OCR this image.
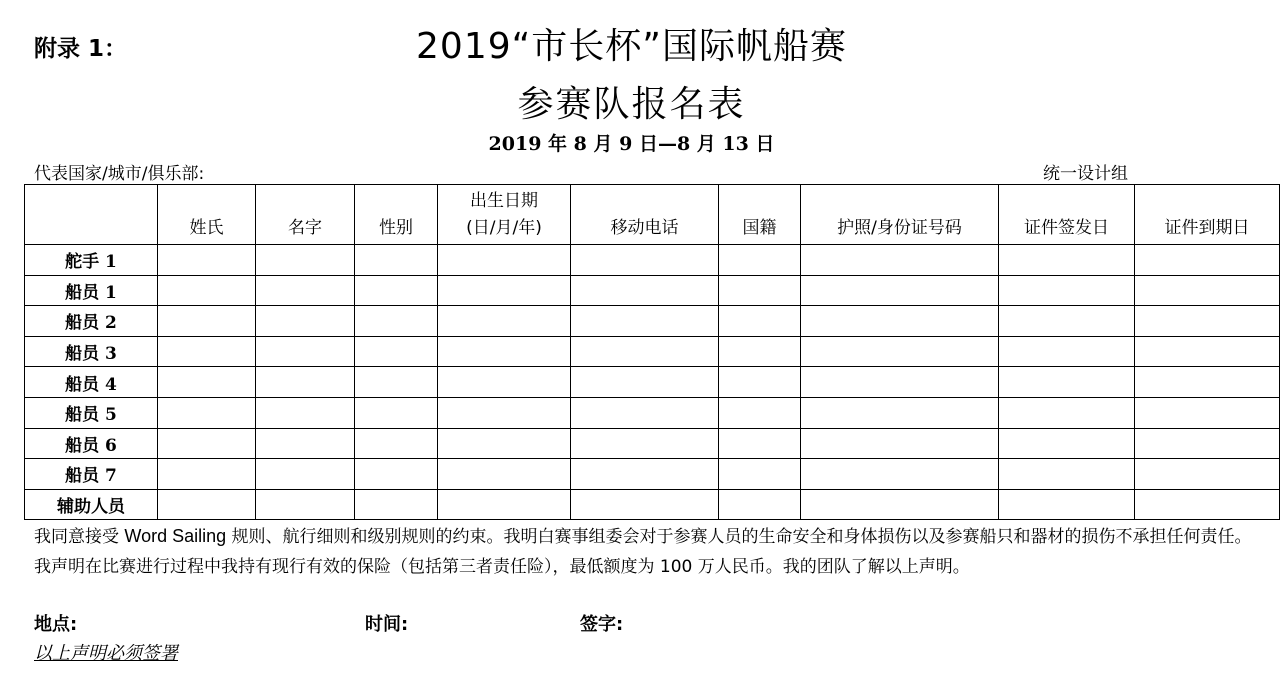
附录 1：	2019“市长杯”国际帆船赛
参赛队报名表
2019 年 8 月 9 日—8 月 13 日
代表国家/城市/俱乐部:	统一设计组
	姓氏	名字	性别	出生日期
(日/月/年)	移动电话	国籍	护照/身份证号码	证件签发日	证件到期日
舵手 1									
船员 1									
船员 2									
船员 3									
船员 4									
船员 5									
船员 6									
船员 7									
辅助人员									
我同意接受 Word Sailing 规则、航行细则和级别规则的约束。我明白赛事组委会对于参赛人员的生命安全和身体损伤以及参赛船只和器材的损伤不承担任何责任。我声明在比赛进行过程中我持有现行有效的保险（包括第三者责任险），最低额度为 100 万人民币。我的团队了解以上声明。
地点:	时间:	签字:
以上声明必须签署
